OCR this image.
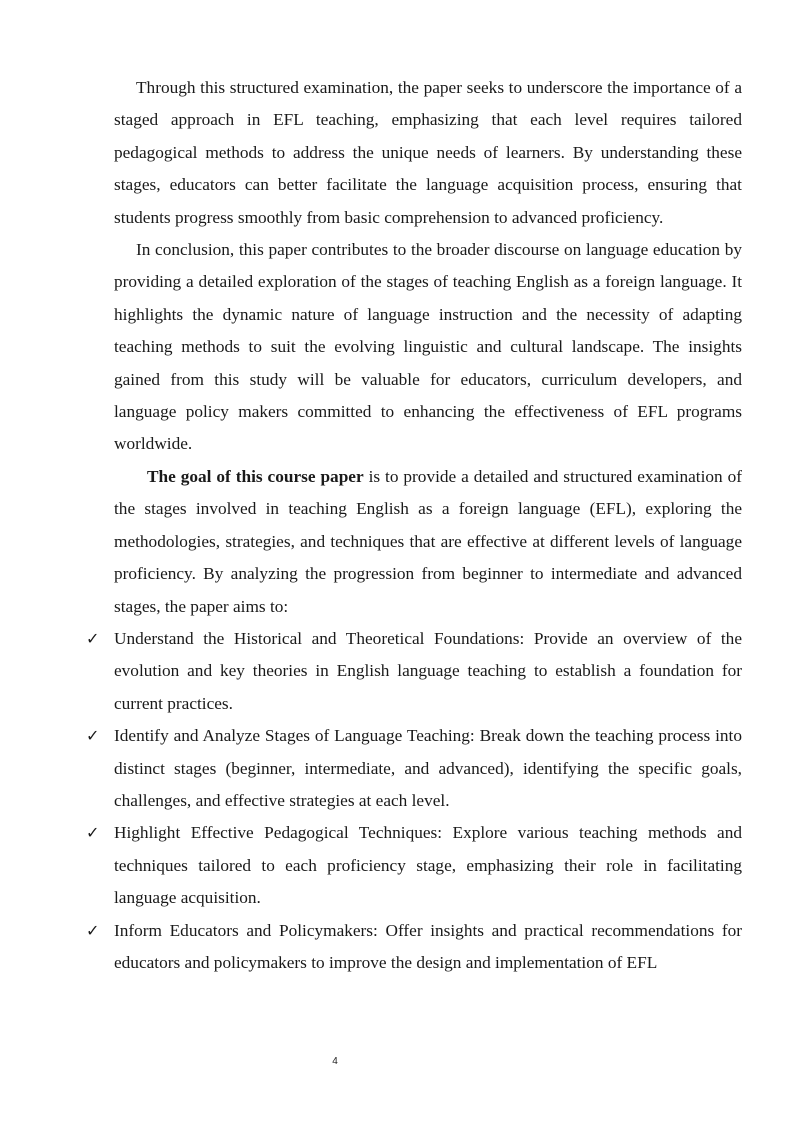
Through this structured examination, the paper seeks to underscore the importance of a staged approach in EFL teaching, emphasizing that each level requires tailored pedagogical methods to address the unique needs of learners. By understanding these stages, educators can better facilitate the language acquisition process, ensuring that students progress smoothly from basic comprehension to advanced proficiency.

In conclusion, this paper contributes to the broader discourse on language education by providing a detailed exploration of the stages of teaching English as a foreign language. It highlights the dynamic nature of language instruction and the necessity of adapting teaching methods to suit the evolving linguistic and cultural landscape. The insights gained from this study will be valuable for educators, curriculum developers, and language policy makers committed to enhancing the effectiveness of EFL programs worldwide.

The goal of this course paper is to provide a detailed and structured examination of the stages involved in teaching English as a foreign language (EFL), exploring the methodologies, strategies, and techniques that are effective at different levels of language proficiency. By analyzing the progression from beginner to intermediate and advanced stages, the paper aims to:

✓ Understand the Historical and Theoretical Foundations: Provide an overview of the evolution and key theories in English language teaching to establish a foundation for current practices.
✓ Identify and Analyze Stages of Language Teaching: Break down the teaching process into distinct stages (beginner, intermediate, and advanced), identifying the specific goals, challenges, and effective strategies at each level.
✓ Highlight Effective Pedagogical Techniques: Explore various teaching methods and techniques tailored to each proficiency stage, emphasizing their role in facilitating language acquisition.
✓ Inform Educators and Policymakers: Offer insights and practical recommendations for educators and policymakers to improve the design and implementation of EFL
4
